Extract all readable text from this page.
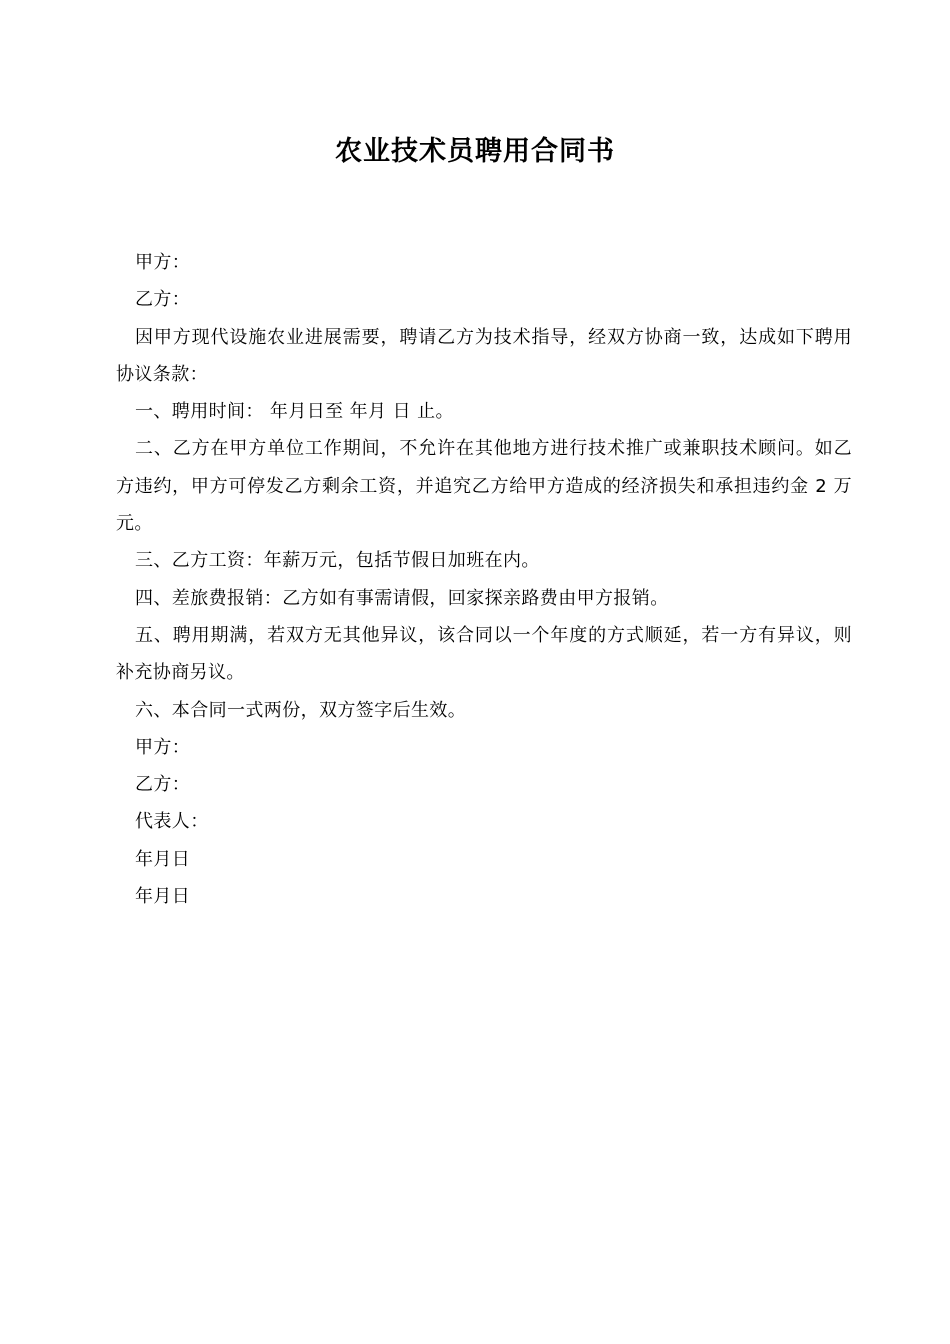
农业技术员聘用合同书

甲方：

乙方：

因甲方现代设施农业进展需要，聘请乙方为技术指导，经双方协商一致，达成如下聘用协议条款：

一、聘用时间： 年月日至 年月 日 止。

二、乙方在甲方单位工作期间，不允许在其他地方进行技术推广或兼职技术顾问。如乙方违约，甲方可停发乙方剩余工资，并追究乙方给甲方造成的经济损失和承担违约金 2 万元。

三、乙方工资：年薪万元，包括节假日加班在内。

四、差旅费报销：乙方如有事需请假，回家探亲路费由甲方报销。

五、聘用期满，若双方无其他异议，该合同以一个年度的方式顺延，若一方有异议，则补充协商另议。

六、本合同一式两份，双方签字后生效。

甲方：

乙方：

代表人：

年月日

年月日
